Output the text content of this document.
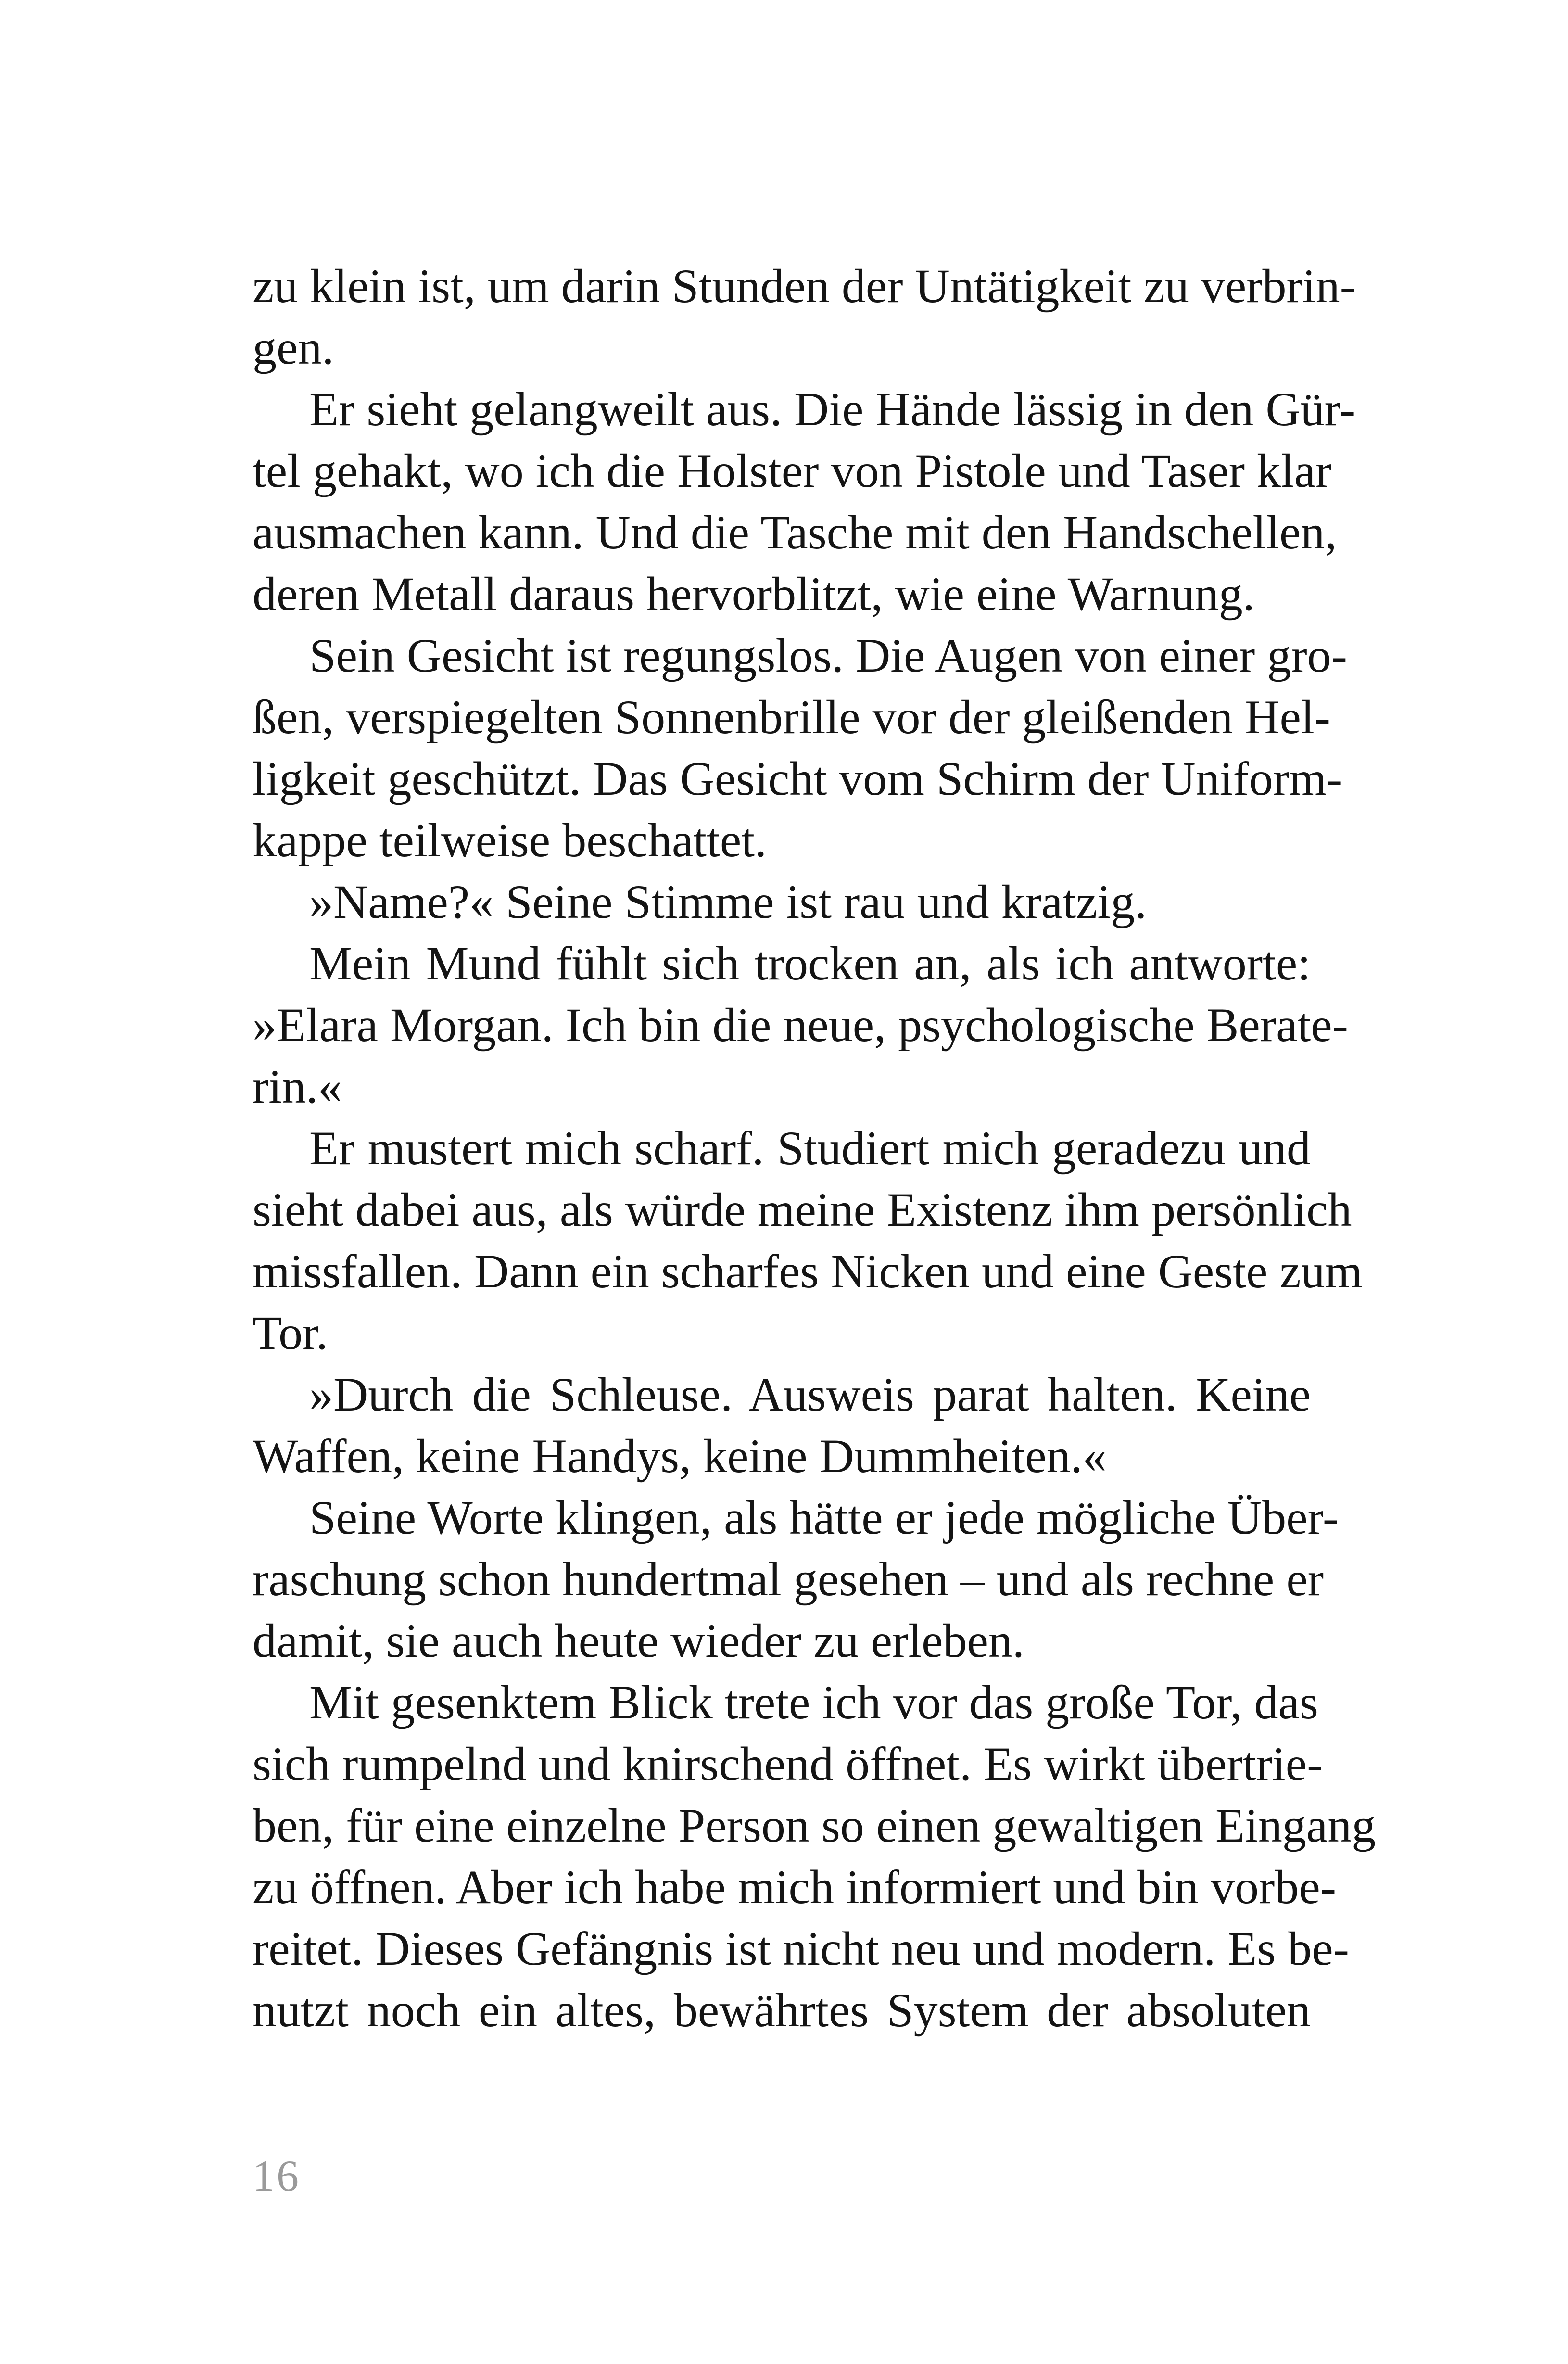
zu klein ist, um darin Stunden der Untätigkeit zu verbrin-
gen.
Er sieht gelangweilt aus. Die Hände lässig in den Gür-
tel gehakt, wo ich die Holster von Pistole und Taser klar
ausmachen kann. Und die Tasche mit den Handschellen,
deren Metall daraus hervorblitzt, wie eine Warnung.
Sein Gesicht ist regungslos. Die Augen von einer gro-
ßen, verspiegelten Sonnenbrille vor der gleißenden Hel-
ligkeit geschützt. Das Gesicht vom Schirm der Uniform-
kappe teilweise beschattet.
»Name?« Seine Stimme ist rau und kratzig.
Mein Mund fühlt sich trocken an, als ich antworte:
»Elara Morgan. Ich bin die neue, psychologische Berate-
rin.«
Er mustert mich scharf. Studiert mich geradezu und
sieht dabei aus, als würde meine Existenz ihm persönlich
missfallen. Dann ein scharfes Nicken und eine Geste zum
Tor.
»Durch die Schleuse. Ausweis parat halten. Keine
Waffen, keine Handys, keine Dummheiten.«
Seine Worte klingen, als hätte er jede mögliche Über-
raschung schon hundertmal gesehen – und als rechne er
damit, sie auch heute wieder zu erleben.
Mit gesenktem Blick trete ich vor das große Tor, das
sich rumpelnd und knirschend öffnet. Es wirkt übertrie-
ben, für eine einzelne Person so einen gewaltigen Eingang
zu öffnen. Aber ich habe mich informiert und bin vorbe-
reitet. Dieses Gefängnis ist nicht neu und modern. Es be-
nutzt noch ein altes, bewährtes System der absoluten
16
